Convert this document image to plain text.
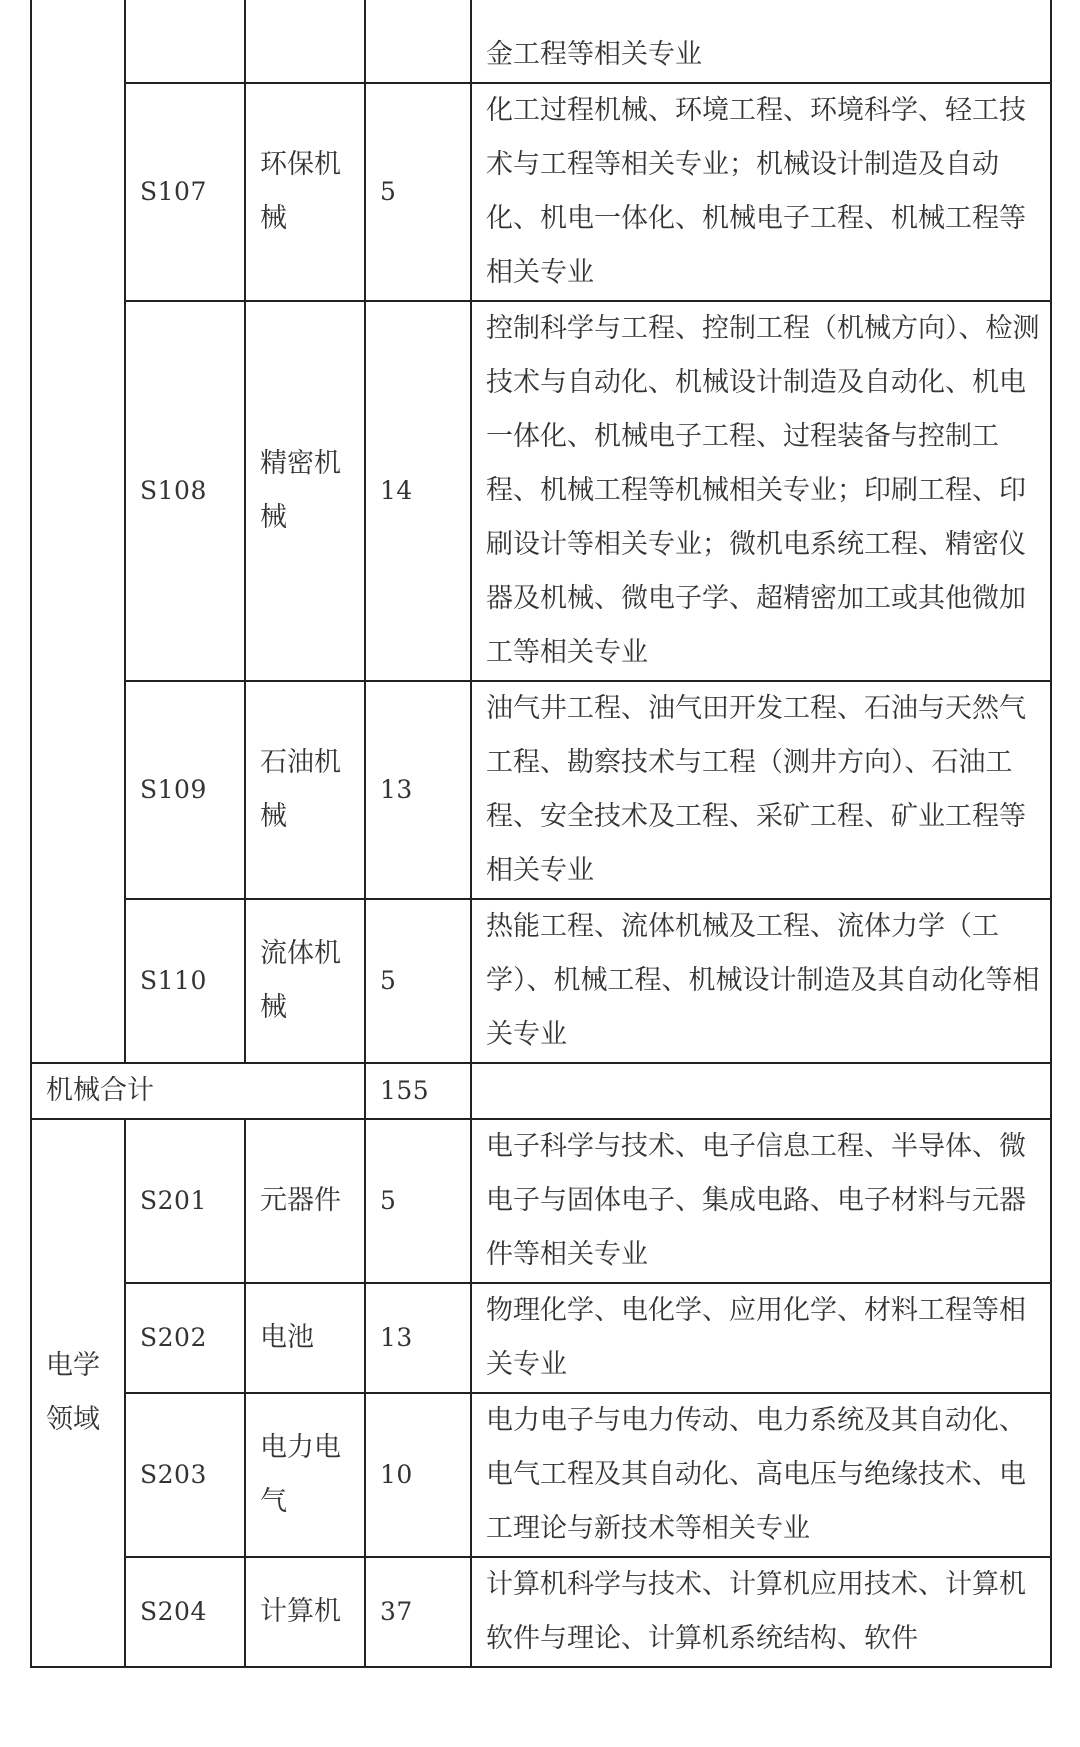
				金工程等相关专业
	S107	环保机械	5	化工过程机械、环境工程、环境科学、轻工技术与工程等相关专业；机械设计制造及自动化、机电一体化、机械电子工程、机械工程等相关专业
	S108	精密机械	14	控制科学与工程、控制工程（机械方向）、检测技术与自动化、机械设计制造及自动化、机电一体化、机械电子工程、过程装备与控制工程、机械工程等机械相关专业；印刷工程、印刷设计等相关专业；微机电系统工程、精密仪器及机械、微电子学、超精密加工或其他微加工等相关专业
	S109	石油机械	13	油气井工程、油气田开发工程、石油与天然气工程、勘察技术与工程（测井方向）、石油工程、安全技术及工程、采矿工程、矿业工程等相关专业
	S110	流体机械	5	热能工程、流体机械及工程、流体力学（工学）、机械工程、机械设计制造及其自动化等相关专业
机械合计			155	
电学领域	S201	元器件	5	电子科学与技术、电子信息工程、半导体、微电子与固体电子、集成电路、电子材料与元器件等相关专业
	S202	电池	13	物理化学、电化学、应用化学、材料工程等相关专业
	S203	电力电气	10	电力电子与电力传动、电力系统及其自动化、电气工程及其自动化、高电压与绝缘技术、电工理论与新技术等相关专业
	S204	计算机	37	计算机科学与技术、计算机应用技术、计算机软件与理论、计算机系统结构、软件
